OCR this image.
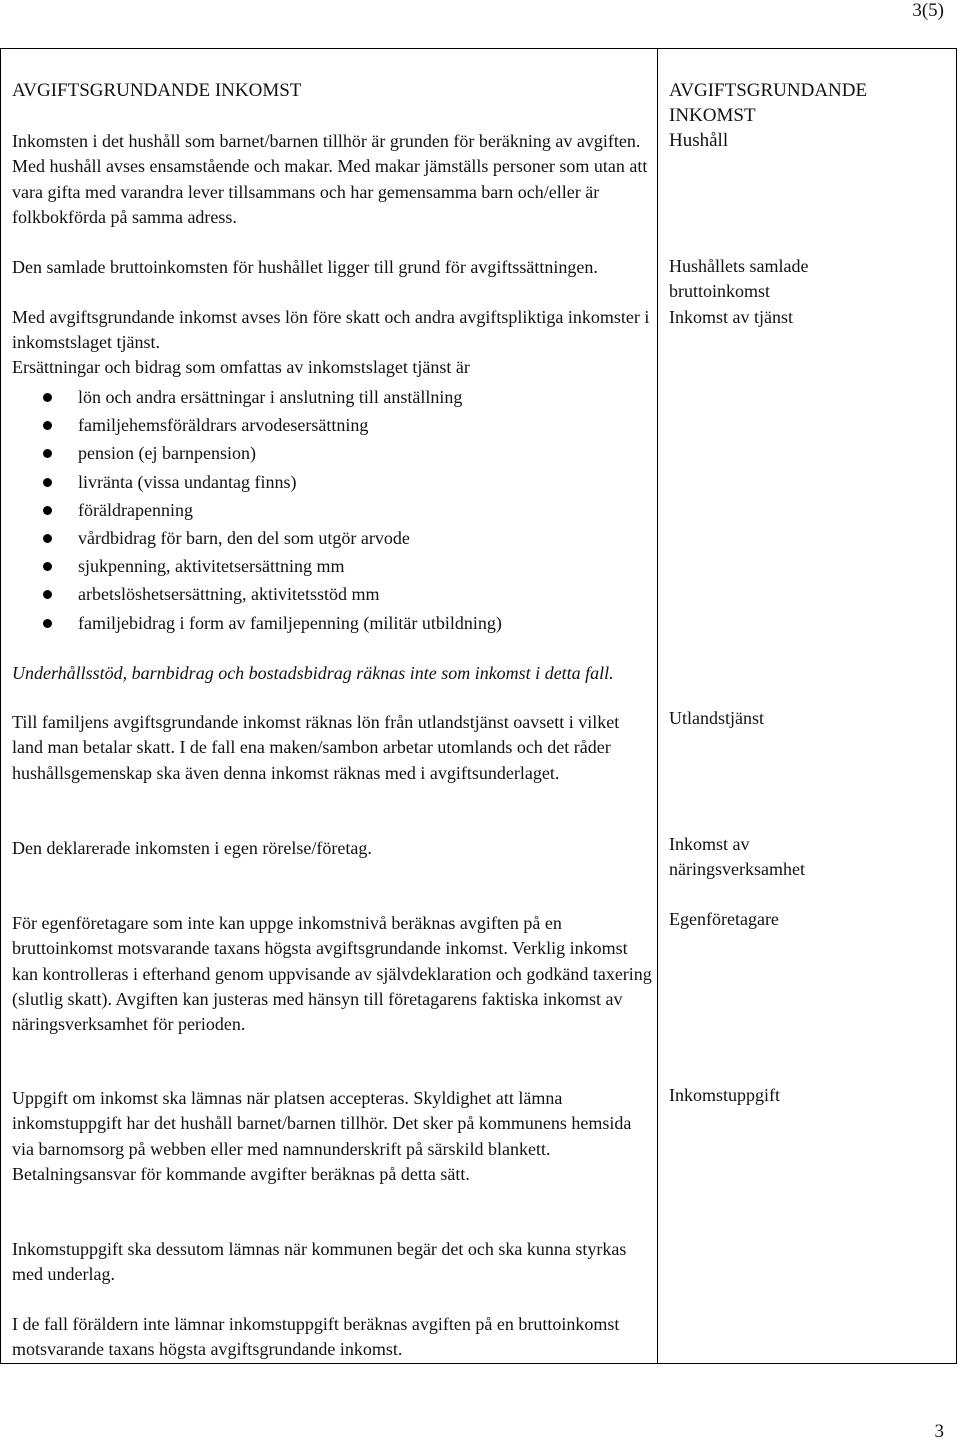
3(5)

AVGIFTSGRUNDANDE INKOMST

Inkomsten i det hushåll som barnet/barnen tillhör är grunden för beräkning av avgiften. Med hushåll avses ensamstående och makar. Med makar jämställs personer som utan att vara gifta med varandra lever tillsammans och har gemensamma barn och/eller är folkbokförda på samma adress.

Den samlade bruttoinkomsten för hushållet ligger till grund för avgiftssättningen.

Med avgiftsgrundande inkomst avses lön före skatt och andra avgiftspliktiga inkomster i inkomstslaget tjänst.

Ersättningar och bidrag som omfattas av inkomstslaget tjänst är

lön och andra ersättningar i anslutning till anställning
familjehemsföräldrars arvodesersättning
pension (ej barnpension)
livränta (vissa undantag finns)
föräldrapenning
vårdbidrag för barn, den del som utgör arvode
sjukpenning, aktivitetsersättning mm
arbetslöshetsersättning, aktivitetsstöd mm
familjebidrag i form av familjepenning (militär utbildning)

Underhållsstöd, barnbidrag och bostadsbidrag räknas inte som inkomst i detta fall.

Till familjens avgiftsgrundande inkomst räknas lön från utlandstjänst oavsett i vilket land man betalar skatt. I de fall ena maken/sambon arbetar utomlands och det råder hushållsgemenskap ska även denna inkomst räknas med i avgiftsunderlaget.

Den deklarerade inkomsten i egen rörelse/företag.

För egenföretagare som inte kan uppge inkomstnivå beräknas avgiften på en bruttoinkomst motsvarande taxans högsta avgiftsgrundande inkomst. Verklig inkomst kan kontrolleras i efterhand genom uppvisande av självdeklaration och godkänd taxering (slutlig skatt). Avgiften kan justeras med hänsyn till företagarens faktiska inkomst av näringsverksamhet för perioden.

Uppgift om inkomst ska lämnas när platsen accepteras. Skyldighet att lämna inkomstuppgift har det hushåll barnet/barnen tillhör. Det sker på kommunens hemsida via barnomsorg på webben eller med namnunderskrift på särskild blankett. Betalningsansvar för kommande avgifter beräknas på detta sätt.

Inkomstuppgift ska dessutom lämnas när kommunen begär det och ska kunna styrkas med underlag.

I de fall föräldern inte lämnar inkomstuppgift beräknas avgiften på en bruttoinkomst motsvarande taxans högsta avgiftsgrundande inkomst.

AVGIFTSGRUNDANDE
INKOMST
Hushåll
Hushållets samlade
bruttoinkomst
Inkomst av tjänst
Utlandstjänst
Inkomst av
näringsverksamhet
Egenföretagare
Inkomstuppgift
3
